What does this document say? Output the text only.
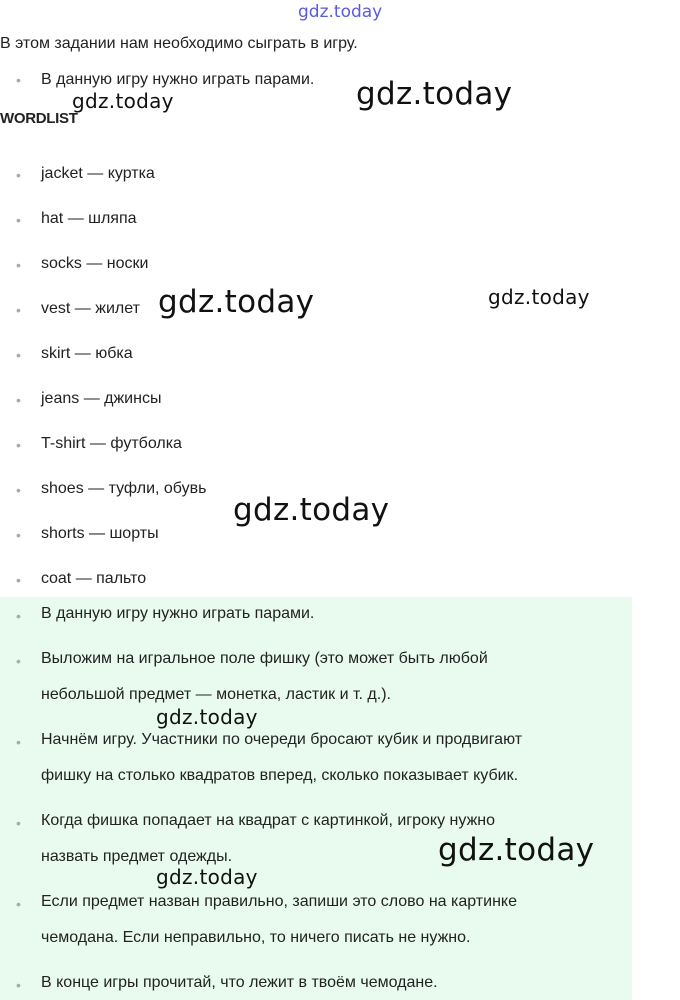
gdz.today

В этом задании нам необходимо сыграть в игру.

• В данную игру нужно играть парами.
WORDLIST
• jacket — куртка
• hat — шляпа
• socks — носки
• vest — жилет
• skirt — юбка
• jeans — джинсы
• T-shirt — футболка
• shoes — туфли, обувь
• shorts — шорты
• coat — пальто
• В данную игру нужно играть парами.
• Выложим на игральное поле фишку (это может быть любой
небольшой предмет — монетка, ластик и т. д.).
• Начнём игру. Участники по очереди бросают кубик и продвигают
фишку на столько квадратов вперед, сколько показывает кубик.
• Когда фишка попадает на квадрат с картинкой, игроку нужно
назвать предмет одежды.
• Если предмет назван правильно, запиши это слово на картинке
чемодана. Если неправильно, то ничего писать не нужно.
• В конце игры прочитай, что лежит в твоём чемодане.
gdz.today	gdz.today
gdz.today	gdz.today
gdz.today
gdz.today
gdz.today
gdz.today
